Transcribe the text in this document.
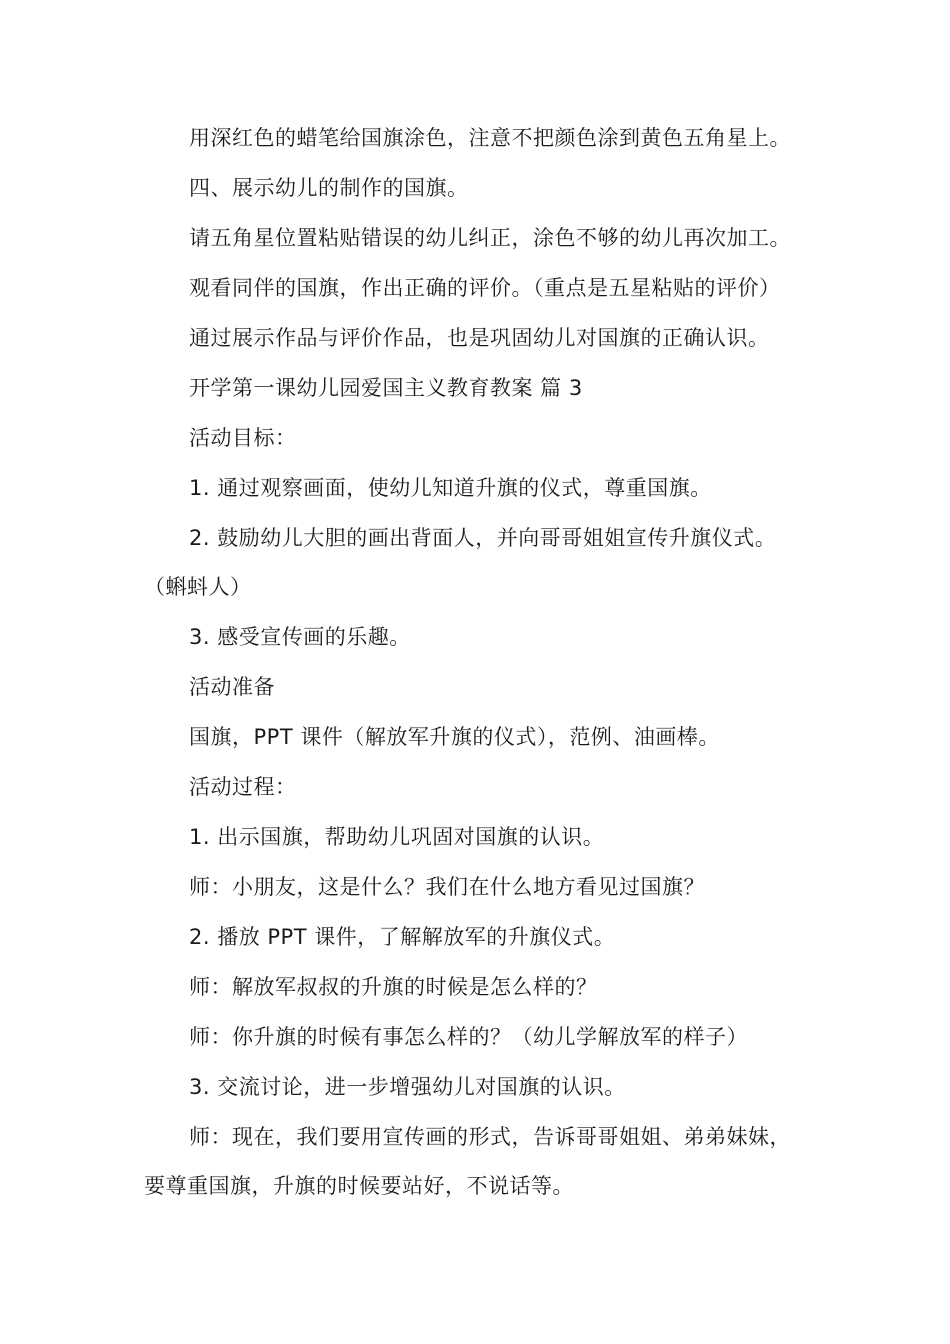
用深红色的蜡笔给国旗涂色，注意不把颜色涂到黄色五角星上。
四、展示幼儿的制作的国旗。
请五角星位置粘贴错误的幼儿纠正，涂色不够的幼儿再次加工。
观看同伴的国旗，作出正确的评价。（重点是五星粘贴的评价）
通过展示作品与评价作品，也是巩固幼儿对国旗的正确认识。
开学第一课幼儿园爱国主义教育教案 篇 3
活动目标：
1. 通过观察画面，使幼儿知道升旗的仪式，尊重国旗。
2. 鼓励幼儿大胆的画出背面人，并向哥哥姐姐宣传升旗仪式。
（蝌蚪人）
3. 感受宣传画的乐趣。
活动准备
国旗，PPT 课件（解放军升旗的仪式），范例、油画棒。
活动过程：
1. 出示国旗，帮助幼儿巩固对国旗的认识。
师：小朋友，这是什么？我们在什么地方看见过国旗？
2. 播放 PPT 课件，了解解放军的升旗仪式。
师：解放军叔叔的升旗的时候是怎么样的？
师：你升旗的时候有事怎么样的？（幼儿学解放军的样子）
3. 交流讨论，进一步增强幼儿对国旗的认识。
师：现在，我们要用宣传画的形式，告诉哥哥姐姐、弟弟妹妹，
要尊重国旗，升旗的时候要站好，不说话等。
